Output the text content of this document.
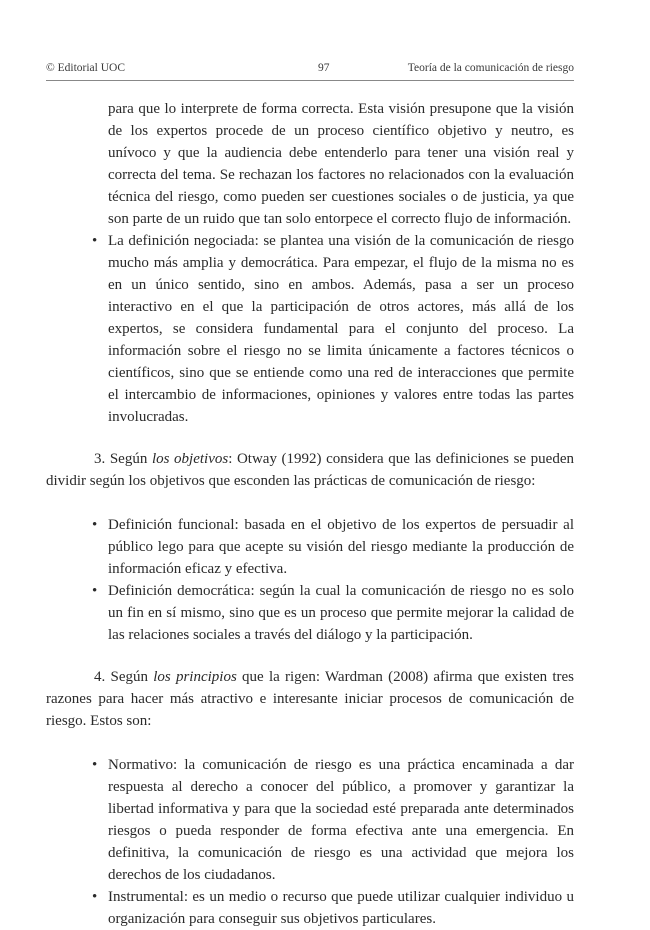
© Editorial UOC	97	Teoría de la comunicación de riesgo

para que lo interprete de forma correcta. Esta visión presupone que la visión de los expertos procede de un proceso científico objetivo y neutro, es unívoco y que la audiencia debe entenderlo para tener una visión real y correcta del tema. Se rechazan los factores no relacionados con la evaluación técnica del riesgo, como pueden ser cuestiones sociales o de justicia, ya que son parte de un ruido que tan solo entorpece el correcto flujo de información.

• La definición negociada: se plantea una visión de la comunicación de riesgo mucho más amplia y democrática. Para empezar, el flujo de la misma no es en un único sentido, sino en ambos. Además, pasa a ser un proceso interactivo en el que la participación de otros actores, más allá de los expertos, se considera fundamental para el conjunto del proceso. La información sobre el riesgo no se limita únicamente a factores técnicos o científicos, sino que se entiende como una red de interacciones que permite el intercambio de informaciones, opiniones y valores entre todas las partes involucradas.

3. Según los objetivos: Otway (1992) considera que las definiciones se pueden dividir según los objetivos que esconden las prácticas de comunicación de riesgo:

• Definición funcional: basada en el objetivo de los expertos de persuadir al público lego para que acepte su visión del riesgo mediante la producción de información eficaz y efectiva.
• Definición democrática: según la cual la comunicación de riesgo no es solo un fin en sí mismo, sino que es un proceso que permite mejorar la calidad de las relaciones sociales a través del diálogo y la participación.

4. Según los principios que la rigen: Wardman (2008) afirma que existen tres razones para hacer más atractivo e interesante iniciar procesos de comunicación de riesgo. Estos son:

• Normativo: la comunicación de riesgo es una práctica encaminada a dar respuesta al derecho a conocer del público, a promover y garantizar la libertad informativa y para que la sociedad esté preparada ante determinados riesgos o pueda responder de forma efectiva ante una emergencia. En definitiva, la comunicación de riesgo es una actividad que mejora los derechos de los ciudadanos.
• Instrumental: es un medio o recurso que puede utilizar cualquier individuo u organización para conseguir sus objetivos particulares.
